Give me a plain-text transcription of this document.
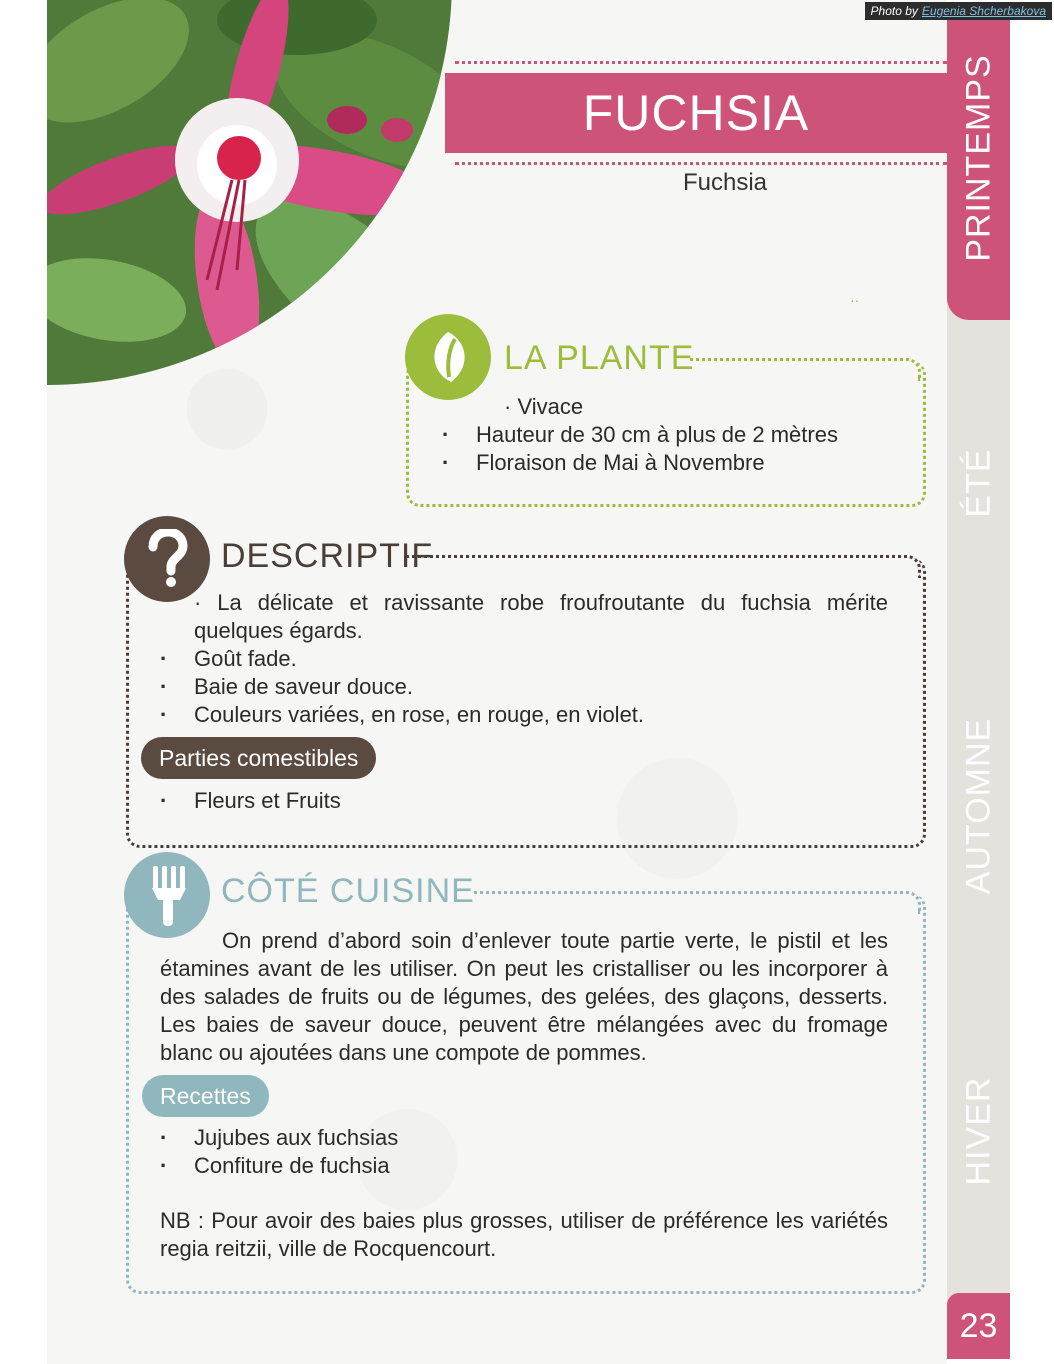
Photo by Eugenia Shcherbakova
FUCHSIA
Fuchsia
··
PRINTEMPS
ÉTÉ
AUTOMNE
HIVER
23
LA PLANTE
· Vivace
· Hauteur de 30 cm à plus de 2 mètres
· Floraison de Mai à Novembre
DESCRIPTIF
· La délicate et ravissante robe froufroutante du fuchsia mérite quelques égards.
· Goût fade.
· Baie de saveur douce.
· Couleurs variées, en rose, en rouge, en violet.
Parties comestibles
· Fleurs et Fruits
CÔTÉ CUISINE
On prend d’abord soin d’enlever toute partie verte, le pistil et les étamines avant de les utiliser. On peut les cristalliser ou les incorporer à des salades de fruits ou de légumes, des gelées, des glaçons, desserts. Les baies de saveur douce, peuvent être mélangées avec du fromage blanc ou ajoutées dans une compote de pommes.
Recettes
· Jujubes aux fuchsias
· Confiture de fuchsia
NB : Pour avoir des baies plus grosses, utiliser de préférence les variétés regia reitzii, ville de Rocquencourt.
